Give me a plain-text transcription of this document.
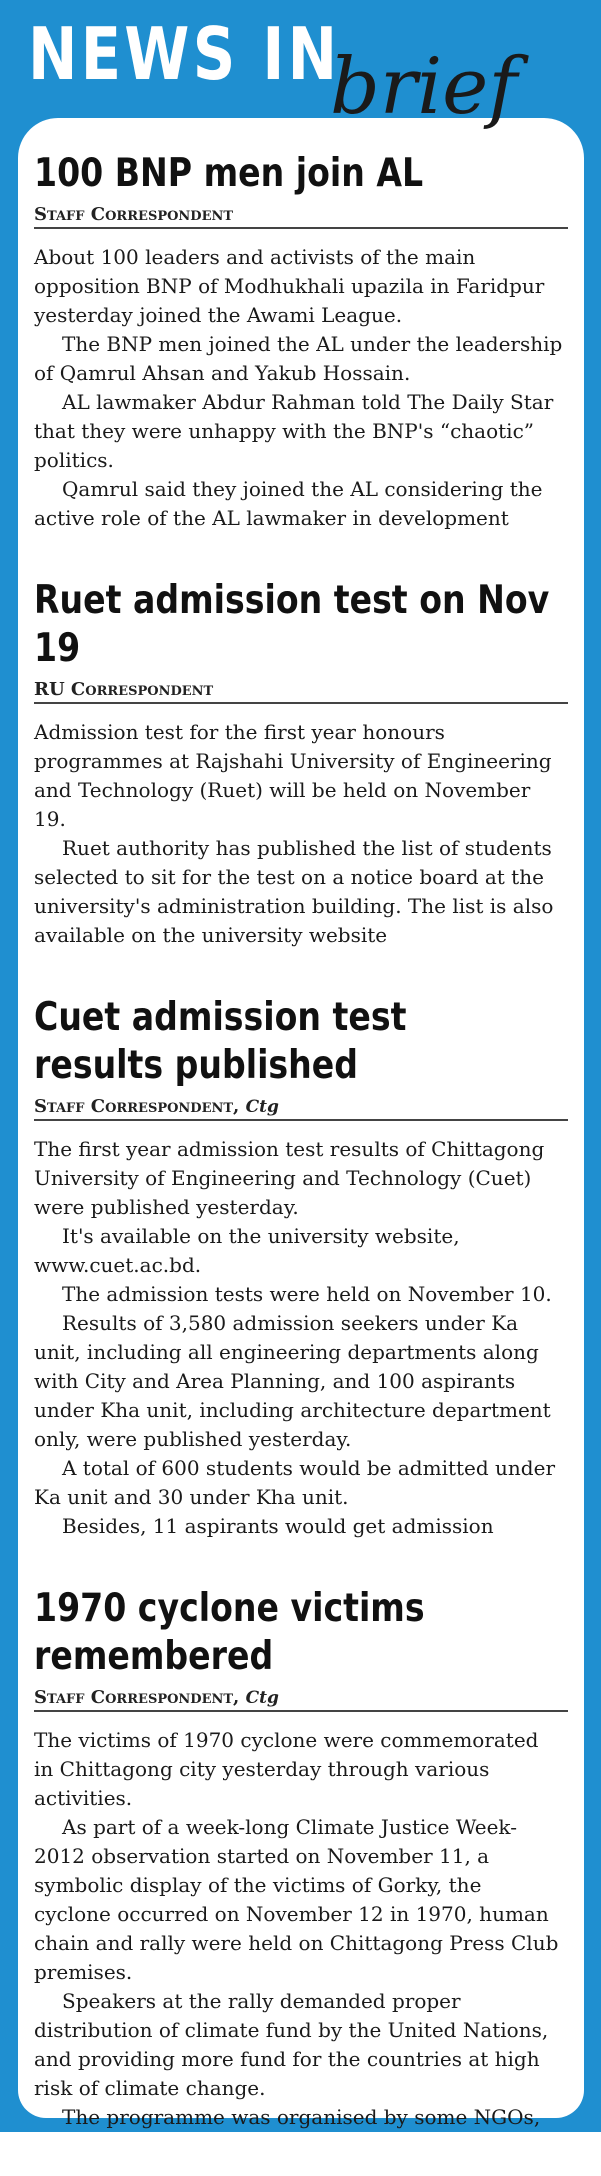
NEWS IN
brief
100 BNP men join AL
Staff Correspondent

About 100 leaders and activists of the main opposition BNP of Modhukhali upazila in Faridpur yesterday joined the Awami League.

The BNP men joined the AL under the leadership of Qamrul Ahsan and Yakub Hossain.

AL lawmaker Abdur Rahman told The Daily Star that they were unhappy with the BNP's “chaotic” politics.

Qamrul said they joined the AL considering the active role of the AL lawmaker in development

Ruet admission test on Nov 19
RU Correspondent

Admission test for the first year honours programmes at Rajshahi University of Engineering and Technology (Ruet) will be held on November 19.

Ruet authority has published the list of students selected to sit for the test on a notice board at the university's administration building. The list is also available on the university website

Cuet admission test results published
Staff Correspondent, Ctg

The first year admission test results of Chittagong University of Engineering and Technology (Cuet) were published yesterday.

It's available on the university website, www.cuet.ac.bd.

The admission tests were held on November 10.

Results of 3,580 admission seekers under Ka unit, including all engineering departments along with City and Area Planning, and 100 aspirants under Kha unit, including architecture department only, were published yesterday.

A total of 600 students would be admitted under Ka unit and 30 under Kha unit.

Besides, 11 aspirants would get admission

1970 cyclone victims remembered
Staff Correspondent, Ctg

The victims of 1970 cyclone were commemorated in Chittagong city yesterday through various activities.

As part of a week-long Climate Justice Week-2012 observation started on November 11, a symbolic display of the victims of Gorky, the cyclone occurred on November 12 in 1970, human chain and rally were held on Chittagong Press Club premises.

Speakers at the rally demanded proper distribution of climate fund by the United Nations, and providing more fund for the countries at high risk of climate change.

The programme was organised by some NGOs,
